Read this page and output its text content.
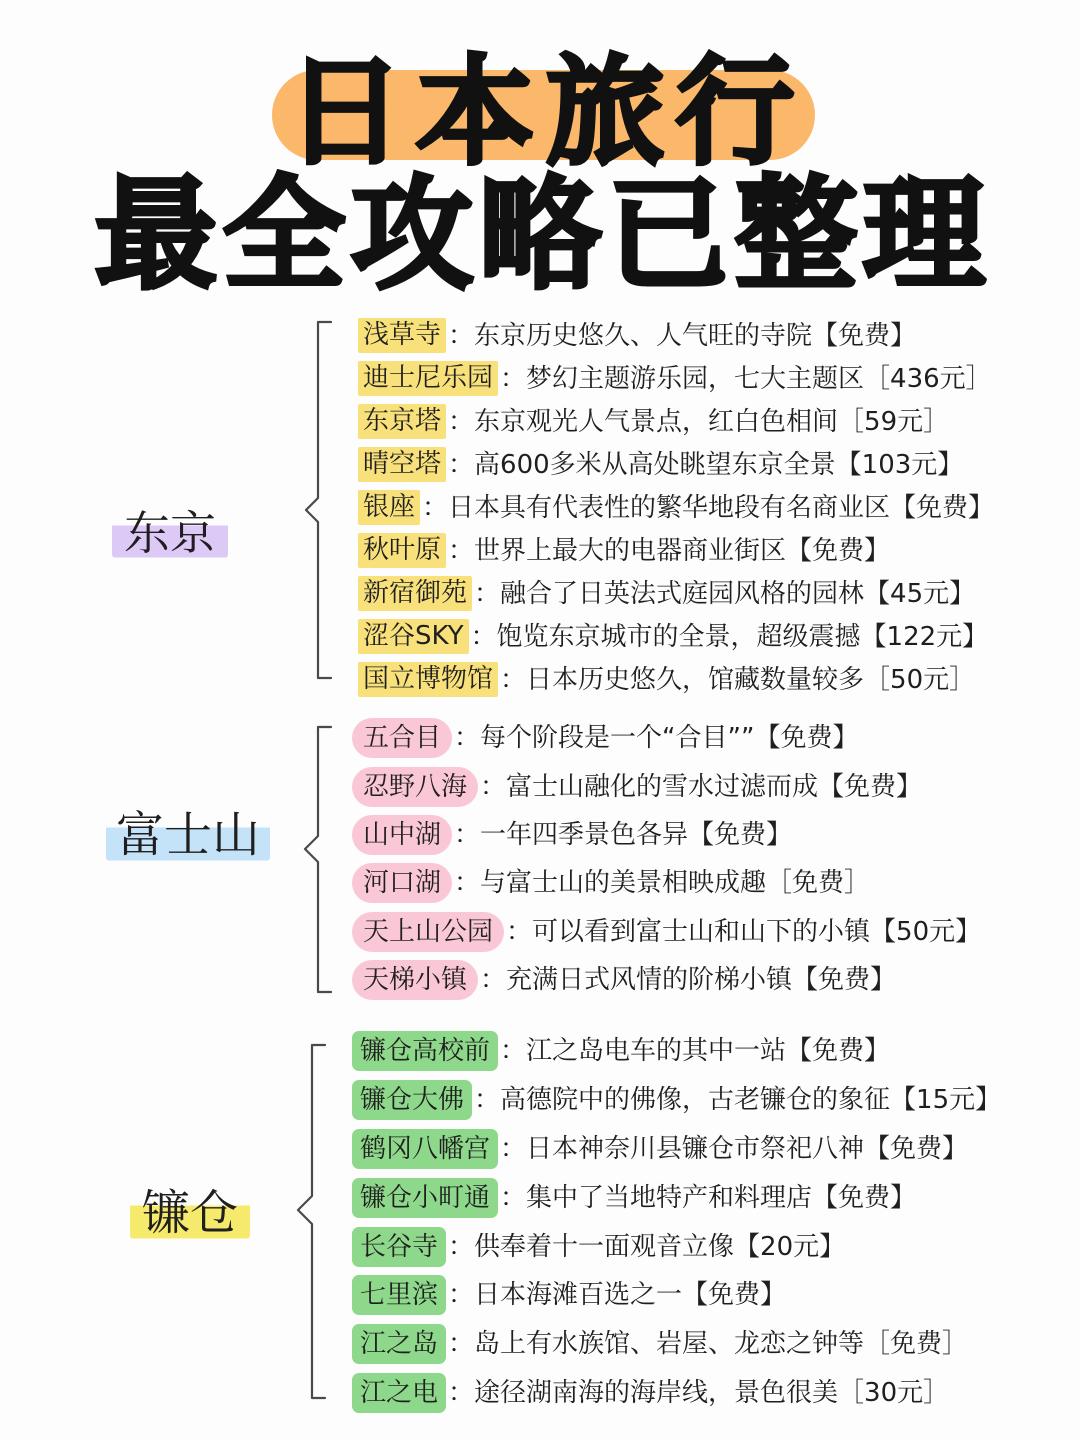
日本旅行
最全攻略已整理
东京
富士山
镰仓
浅草寺 ： 东京历史悠久、人气旺的寺院 【免费】
迪士尼乐园 ： 梦幻主题游乐园，七大主题区 ［436元］
东京塔 ： 东京观光人气景点，红白色相间 ［59元］
晴空塔 ： 高600多米从高处眺望东京全景 【103元】
银座 ： 日本具有代表性的繁华地段有名商业区 【免费】
秋叶原 ： 世界上最大的电器商业街区 【免费】
新宿御苑 ： 融合了日英法式庭园风格的园林 【45元】
涩谷SKY ： 饱览东京城市的全景，超级震撼 【122元】
国立博物馆 ： 日本历史悠久，馆藏数量较多 ［50元］
五合目 ： 每个阶段是一个“合目”” 【免费】
忍野八海 ： 富士山融化的雪水过滤而成 【免费】
山中湖 ： 一年四季景色各异 【免费】
河口湖 ： 与富士山的美景相映成趣 ［免费］
天上山公园 ： 可以看到富士山和山下的小镇 【50元】
天梯小镇 ： 充满日式风情的阶梯小镇 【免费】
镰仓高校前 ： 江之岛电车的其中一站 【免费】
镰仓大佛 ： 高德院中的佛像，古老镰仓的象征 【15元】
鹤冈八幡宫 ： 日本神奈川县镰仓市祭祀八神 【免费】
镰仓小町通 ： 集中了当地特产和料理店 【免费】
长谷寺 ： 供奉着十一面观音立像 【20元】
七里滨 ： 日本海滩百选之一 【免费】
江之岛 ： 岛上有水族馆、岩屋、龙恋之钟等 ［免费］
江之电 ： 途径湖南海的海岸线，景色很美 ［30元］
